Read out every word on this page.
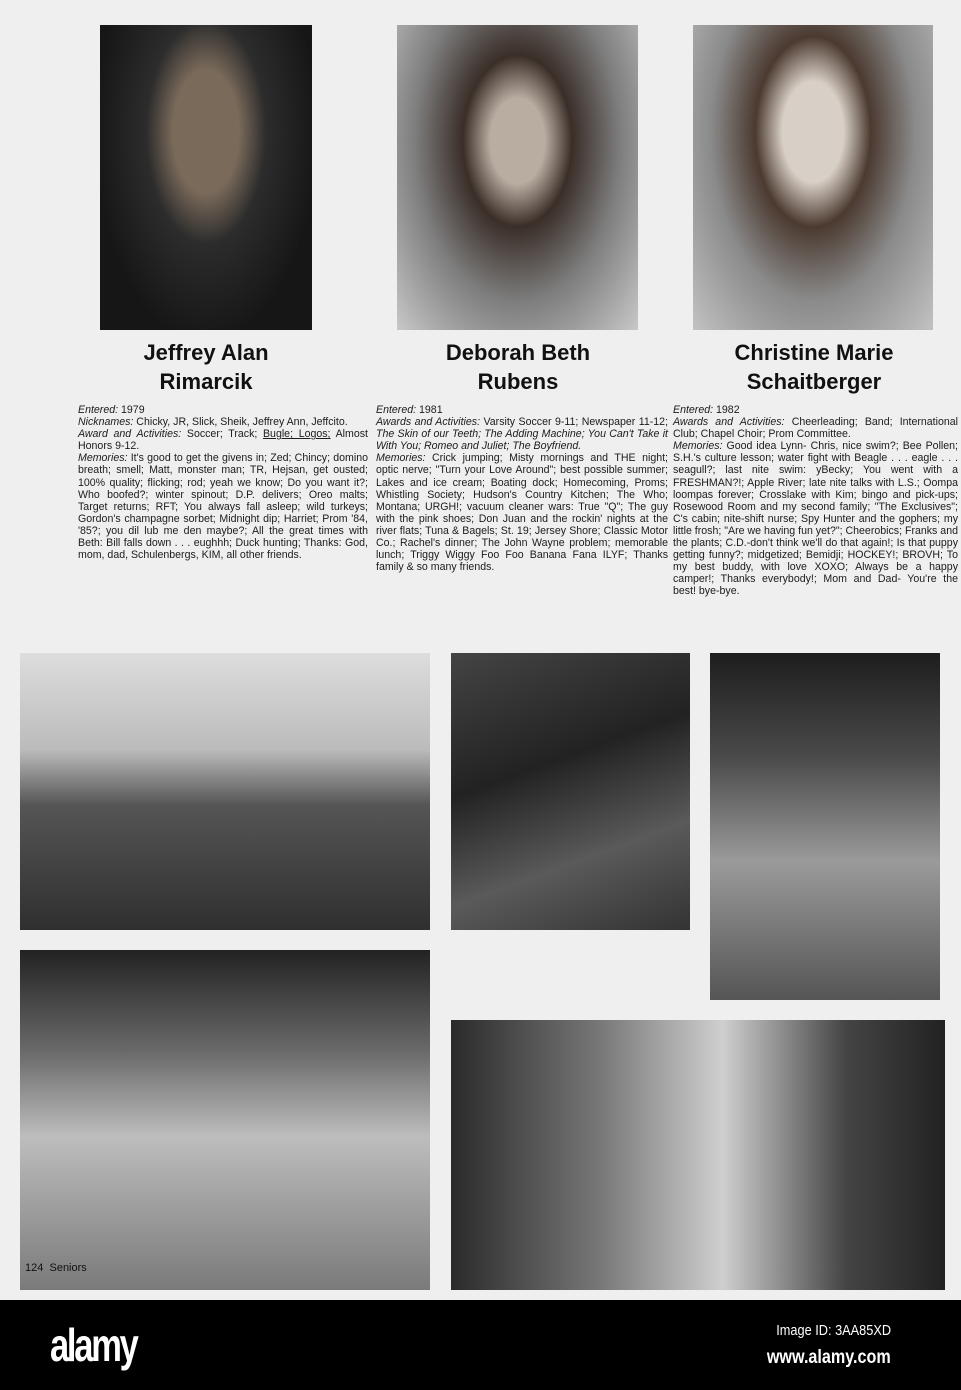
Jeffrey Alan
Rimarcik
Deborah Beth
Rubens
Christine Marie
Schaitberger

Entered: 1979

Nicknames: Chicky, JR, Slick, Sheik, Jeffrey Ann, Jeffcito.

Award and Activities: Soccer; Track; Bugle; Logos; Almost Honors 9-12.

Memories: It's good to get the givens in; Zed; Chincy; domino breath; smell; Matt, monster man; TR, Hejsan, get ousted; 100% quality; flicking; rod; yeah we know; Do you want it?; Who boofed?; winter spinout; D.P. delivers; Oreo malts; Target returns; RFT; You always fall asleep; wild turkeys; Gordon's champagne sorbet; Midnight dip; Harriet; Prom '84, '85?; you dil lub me den maybe?; All the great times with Beth: Bill falls down . . . eughhh; Duck hunting; Thanks: God, mom, dad, Schulenbergs, KIM, all other friends.

Entered: 1981

Awards and Activities: Varsity Soccer 9-11; Newspaper 11-12; The Skin of our Teeth; The Adding Machine; You Can't Take it With You; Romeo and Juliet; The Boyfriend.

Memories: Crick jumping; Misty mornings and THE night; optic nerve; "Turn your Love Around"; best possible summer; Lakes and ice cream; Boating dock; Homecoming, Proms; Whistling Society; Hudson's Country Kitchen; The Who; Montana; URGH!; vacuum cleaner wars: True "Q"; The guy with the pink shoes; Don Juan and the rockin' nights at the river flats; Tuna & Bagels; St. 19; Jersey Shore; Classic Motor Co.; Rachel's dinner; The John Wayne problem; memorable lunch; Triggy Wiggy Foo Foo Banana Fana ILYF; Thanks family & so many friends.

Entered: 1982

Awards and Activities: Cheerleading; Band; International Club; Chapel Choir; Prom Committee.

Memories: Good idea Lynn- Chris, nice swim?; Bee Pollen; S.H.'s culture lesson; water fight with Beagle . . . eagle . . . seagull?; last nite swim: yBecky; You went with a FRESHMAN?!; Apple River; late nite talks with L.S.; Oompa loompas forever; Crosslake with Kim; bingo and pick-ups; Rosewood Room and my second family; "The Exclusives"; C's cabin; nite-shift nurse; Spy Hunter and the gophers; my little frosh; "Are we having fun yet?"; Cheerobics; Franks and the plants; C.D.-don't think we'll do that again!; Is that puppy getting funny?; midgetized; Bemidji; HOCKEY!; BROVH; To my best buddy, with love XOXO; Always be a happy camper!; Thanks everybody!; Mom and Dad- You're the best! bye-bye.

124 Seniors
alamy	Image ID: 3AA85XD
www.alamy.com
